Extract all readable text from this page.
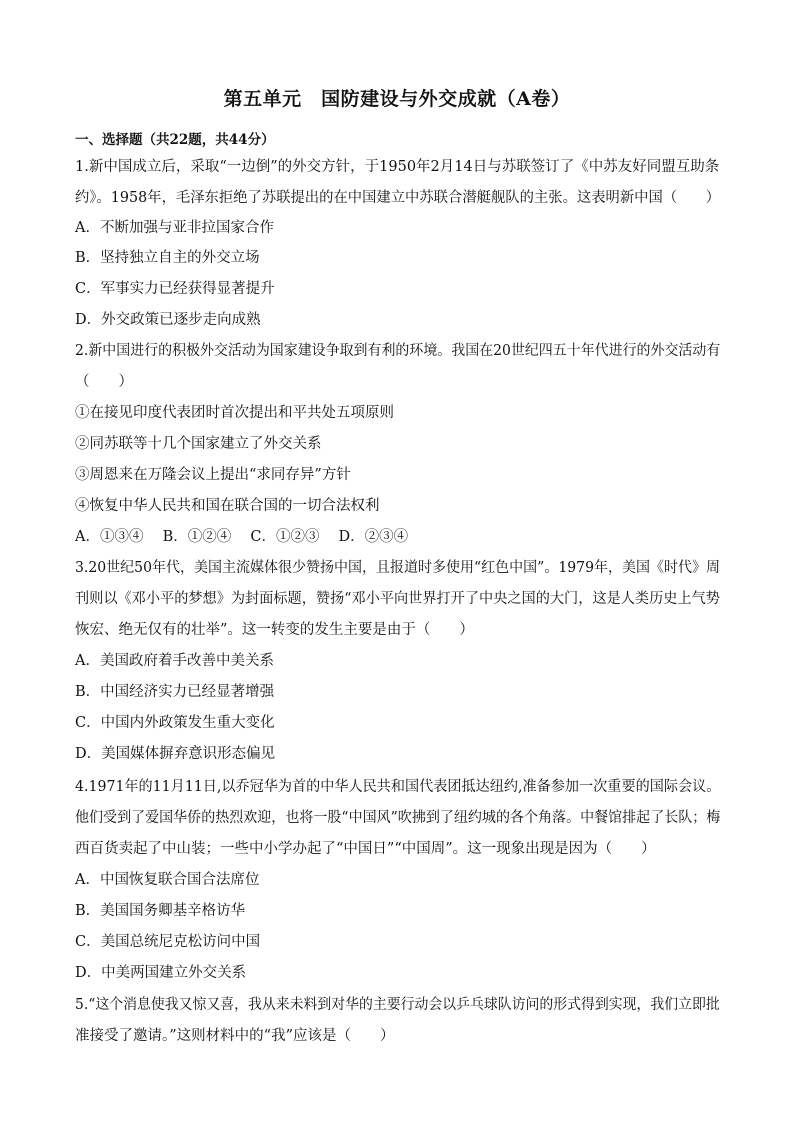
第五单元　国防建设与外交成就（A卷）
一、选择题（共22题，共44分）
1.新中国成立后，采取“一边倒”的外交方针，于1950年2月14日与苏联签订了《中苏友好同盟互助条
约》。1958年，毛泽东拒绝了苏联提出的在中国建立中苏联合潜艇舰队的主张。这表明新中国（　　）
A．不断加强与亚非拉国家合作
B．坚持独立自主的外交立场
C．军事实力已经获得显著提升
D．外交政策已逐步走向成熟
2.新中国进行的积极外交活动为国家建设争取到有利的环境。我国在20世纪四五十年代进行的外交活动有
（　　）
①在接见印度代表团时首次提出和平共处五项原则
②同苏联等十几个国家建立了外交关系
③周恩来在万隆会议上提出“求同存异”方针
④恢复中华人民共和国在联合国的一切合法权利
A．①③④　 B．①②④　 C．①②③　 D．②③④
3.20世纪50年代，美国主流媒体很少赞扬中国，且报道时多使用“红色中国”。1979年，美国《时代》周
刊则以《邓小平的梦想》为封面标题，赞扬“邓小平向世界打开了中央之国的大门，这是人类历史上气势
恢宏、绝无仅有的壮举”。这一转变的发生主要是由于（　　）
A．美国政府着手改善中美关系
B．中国经济实力已经显著增强
C．中国内外政策发生重大变化
D．美国媒体摒弃意识形态偏见
4.1971年的11月11日,以乔冠华为首的中华人民共和国代表团抵达纽约,准备参加一次重要的国际会议。
他们受到了爱国华侨的热烈欢迎，也将一股“中国风”吹拂到了纽约城的各个角落。中餐馆排起了长队；梅
西百货卖起了中山装；一些中小学办起了“中国日”“中国周”。这一现象出现是因为（　　）
A．中国恢复联合国合法席位
B．美国国务卿基辛格访华
C．美国总统尼克松访问中国
D．中美两国建立外交关系
5.“这个消息使我又惊又喜，我从来未料到对华的主要行动会以乒乓球队访问的形式得到实现，我们立即批
准接受了邀请。”这则材料中的“我”应该是（　　）
